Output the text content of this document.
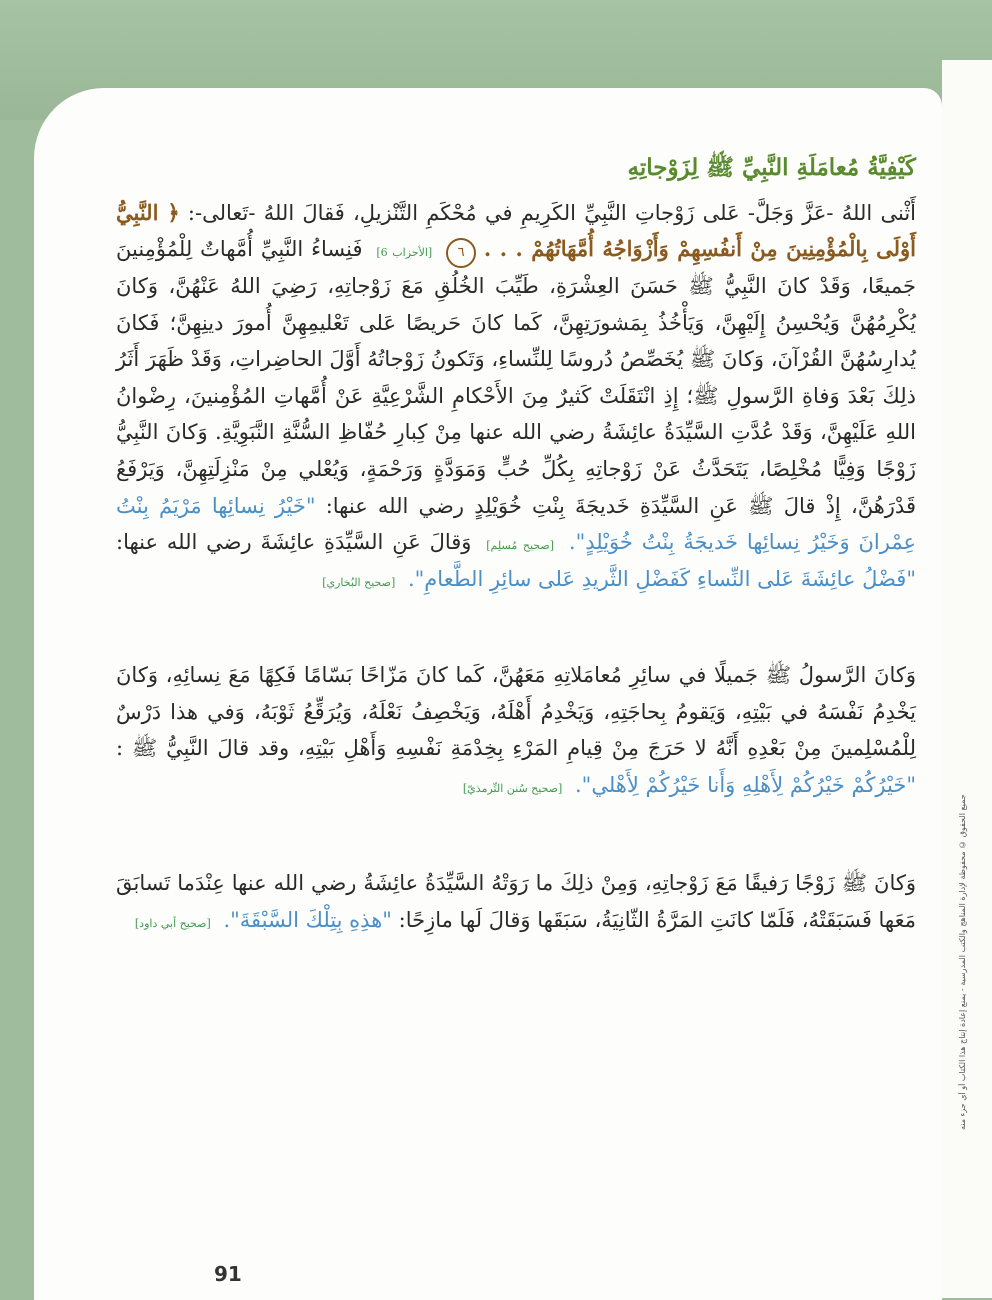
جميع الحقوق © محفوظة لإدارة المناهج والكتب المدرسية - يمنع إعادة إنتاج هذا الكتاب أو أي جزء منه
كَيْفِيَّةُ مُعامَلَةِ النَّبِيِّ ﷺ لِزَوْجاتِهِ

أَثْنى اللهُ -عَزَّ وَجَلَّ- عَلى زَوْجاتِ النَّبِيِّ الكَرِيمِ في مُحْكَمِ التَّنْزيلِ، فَقالَ اللهُ -تَعالى-: ﴿ النَّبِيُّ أَوْلَى بِالْمُؤْمِنِينَ مِنْ أَنفُسِهِمْ وَأَزْوَاجُهُ أُمَّهَاتُهُمْ . . . ٦ [الأحزاب 6] فَنِساءُ النَّبِيِّ أُمَّهاتٌ لِلْمُؤْمِنينَ جَميعًا، وَقَدْ كانَ النَّبِيُّ ﷺ حَسَنَ العِشْرَةِ، طَيِّبَ الخُلُقِ مَعَ زَوْجاتِهِ، رَضِيَ اللهُ عَنْهُنَّ، وَكانَ يُكْرِمُهُنَّ وَيُحْسِنُ إِلَيْهِنَّ، وَيَأْخُذُ بِمَشورَتِهِنَّ، كَما كانَ حَريصًا عَلى تَعْليمِهِنَّ أُمورَ دينِهِنَّ؛ فَكانَ يُدارِسُهُنَّ القُرْآنَ، وَكانَ ﷺ يُخَصِّصُ دُروسًا لِلنِّساءِ، وَتَكونُ زَوْجاتُهُ أَوَّلَ الحاضِراتِ، وَقَدْ ظَهَرَ أَثَرُ ذلِكَ بَعْدَ وَفاةِ الرَّسولِ ﷺ؛ إِذِ انْتَقَلَتْ كَثيرٌ مِنَ الأَحْكامِ الشَّرْعِيَّةِ عَنْ أُمَّهاتِ المُؤْمِنينَ، رِضْوانُ اللهِ عَلَيْهِنَّ، وَقَدْ عُدَّتِ السَّيِّدَةُ عائِشَةُ رضي الله عنها مِنْ كِبارِ حُفّاظِ السُّنَّةِ النَّبَوِيَّةِ. وَكانَ النَّبِيُّ زَوْجًا وَفِيًّا مُخْلِصًا، يَتَحَدَّثُ عَنْ زَوْجاتِهِ بِكُلِّ حُبٍّ وَمَوَدَّةٍ وَرَحْمَةٍ، وَيُعْلي مِنْ مَنْزِلَتِهِنَّ، وَيَرْفَعُ قَدْرَهُنَّ، إِذْ قالَ ﷺ عَنِ السَّيِّدَةِ خَديجَةَ بِنْتِ خُوَيْلِدٍ رضي الله عنها: "خَيْرُ نِسائِها مَرْيَمُ بِنْتُ عِمْرانَ وَخَيْرُ نِسائِها خَديجَةُ بِنْتُ خُوَيْلِدٍ". [صحيح مُسلِم] وَقالَ عَنِ السَّيِّدَةِ عائِشَةَ رضي الله عنها: "فَضْلُ عائِشَةَ عَلى النِّساءِ كَفَضْلِ الثَّريدِ عَلى سائِرِ الطَّعامِ". [صحيح البُخاري]

وَكانَ الرَّسولُ ﷺ جَميلًا في سائِرِ مُعامَلاتِهِ مَعَهُنَّ، كَما كانَ مَزّاحًا بَسّامًا فَكِهًا مَعَ نِسائِهِ، وَكانَ يَخْدِمُ نَفْسَهُ في بَيْتِهِ، وَيَقومُ بِحاجَتِهِ، وَيَخْدِمُ أَهْلَهُ، وَيَخْصِفُ نَعْلَهُ، وَيُرَقِّعُ ثَوْبَهُ، وَفي هذا دَرْسٌ لِلْمُسْلِمينَ مِنْ بَعْدِهِ أَنَّهُ لا حَرَجَ مِنْ قِيامِ المَرْءِ بِخِدْمَةِ نَفْسِهِ وَأَهْلِ بَيْتِهِ، وقد قالَ النَّبِيُّ ﷺ : "خَيْرُكُمْ خَيْرُكُمْ لِأَهْلِهِ وَأَنا خَيْرُكُمْ لِأَهْلي". [صحيح سُنن التِّرمذيّ]

وَكانَ ﷺ زَوْجًا رَفيقًا مَعَ زَوْجاتِهِ، وَمِنْ ذلِكَ ما رَوَتْهُ السَّيِّدَةُ عائِشَةُ رضي الله عنها عِنْدَما تَسابَقَ مَعَها فَسَبَقَتْهُ، فَلَمّا كانَتِ المَرَّةُ الثّانِيَةُ، سَبَقَها وَقالَ لَها مازِحًا: "هذِهِ بِتِلْكَ السَّبْقَةَ". [صحيح أبي داود]

91
